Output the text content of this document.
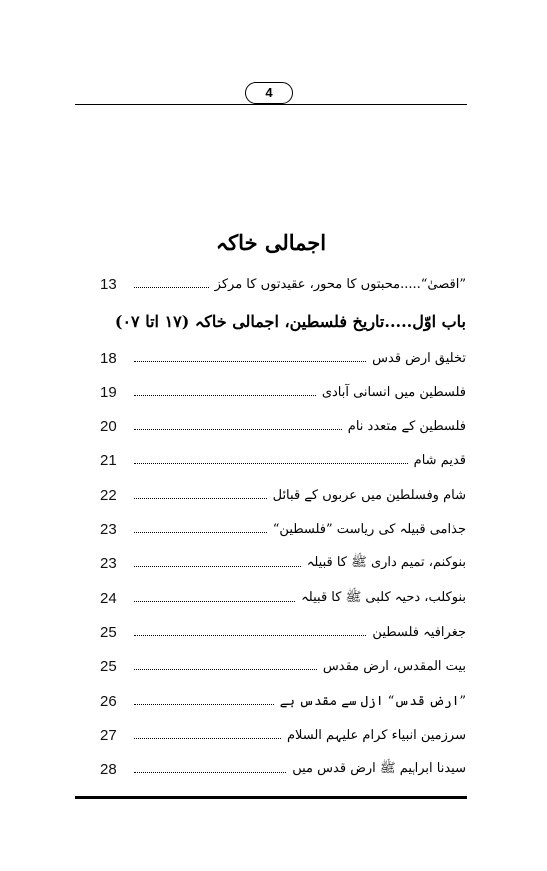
4
اجمالی خاکہ
”اقصیٰ“.....محبتوں کا محور، عقیدتوں کا مرکز
13
باب اوّل.....تاریخ فلسطین، اجمالی خاکہ (۱۷ اتا ۰۷)
تخلیق ارض قدس
18
فلسطین میں انسانی آبادی
19
فلسطین کے متعدد نام
20
قدیم شام
21
شام وفسلطین میں عربوں کے قبائل
22
جذامی قبیلہ کی ریاست ”فلسطین“
23
بنوکنم، تمیم داری ﷺ کا قبیلہ
23
بنوکلب، دحیہ کلبی ﷺ کا قبیلہ
24
جغرافیہ فلسطین
25
بیت المقدس، ارض مقدس
25
”ارض قدس“ ازل سے مقدس ہے
26
سرزمین انبیاء کرام علیہم السلام
27
سیدنا ابراہیم ﷺ ارض قدس میں
28
